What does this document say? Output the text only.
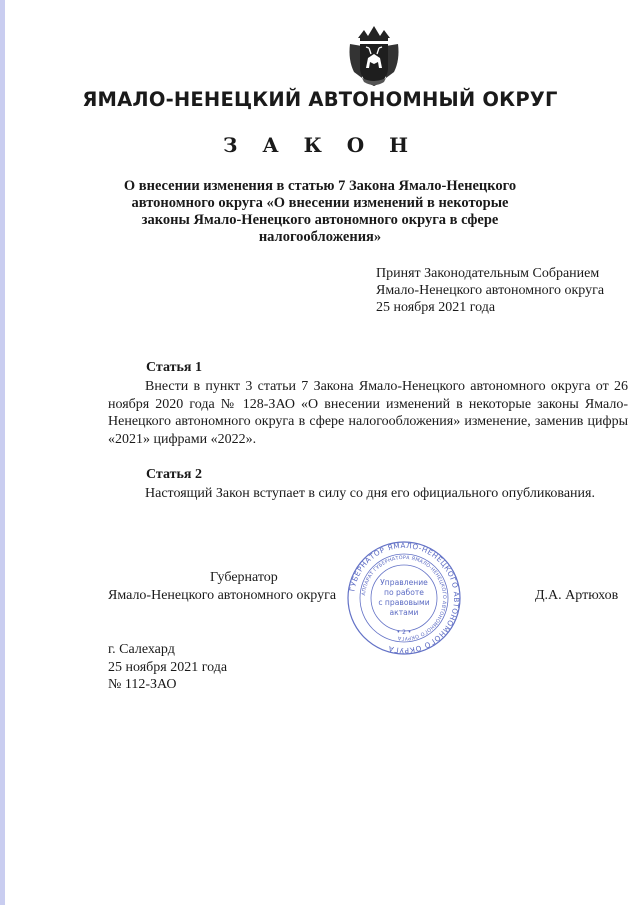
ЯМАЛО-НЕНЕЦКИЙ АВТОНОМНЫЙ ОКРУГ
З А К О Н
О внесении изменения в статью 7 Закона Ямало-Ненецкого автономного округа «О внесении изменений в некоторые законы Ямало-Ненецкого автономного округа в сфере налогообложения»
Принят Законодательным Собранием
Ямало-Ненецкого автономного округа
25 ноября 2021 года
Статья 1
Внести в пункт 3 статьи 7 Закона Ямало-Ненецкого автономного округа от 26 ноября 2020 года № 128-ЗАО «О внесении изменений в некоторые законы Ямало-Ненецкого автономного округа в сфере налогообложения» изменение, заменив цифры «2021» цифрами «2022».
Статья 2
Настоящий Закон вступает в силу со дня его официального опубликования.
Губернатор
Ямало-Ненецкого автономного округа	Д.А. Артюхов
ГУБЕРНАТОР ЯМАЛО-НЕНЕЦКОГО АВТОНОМНОГО ОКРУГА
АППАРАТ ГУБЕРНАТОРА ЯМАЛО-НЕНЕЦКОГО АВТОНОМНОГО ОКРУГА
Управление
по работе
с правовыми
актами
• 2 •
г. Салехард
25 ноября 2021 года
№ 112-ЗАО
